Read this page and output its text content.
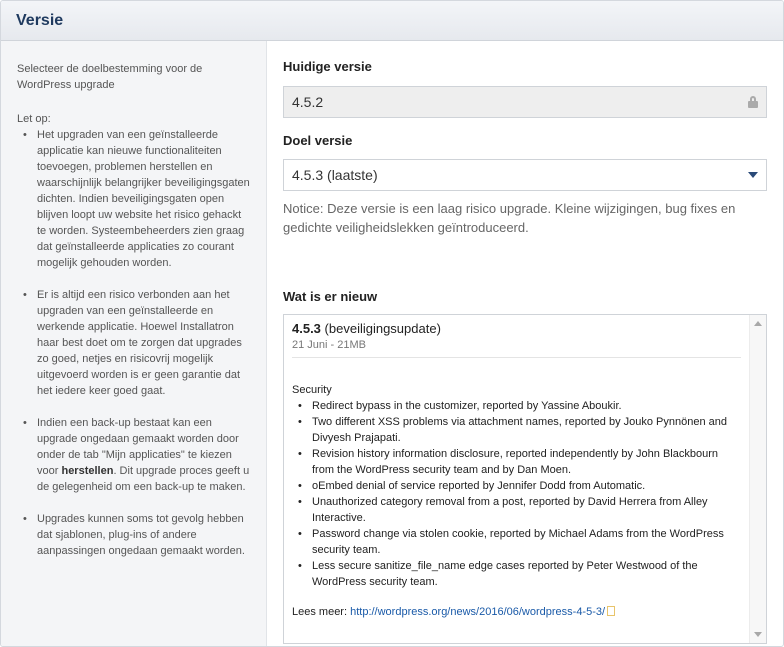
Versie

Selecteer de doelbestemming voor de WordPress upgrade

Let op:

• Het upgraden van een geïnstalleerde applicatie kan nieuwe functionaliteiten toevoegen, problemen herstellen en waarschijnlijk belangrijker beveiligingsgaten dichten. Indien beveiligingsgaten open blijven loopt uw website het risico gehackt te worden. Systeembeheerders zien graag dat geïnstalleerde applicaties zo courant mogelijk gehouden worden.
• Er is altijd een risico verbonden aan het upgraden van een geïnstalleerde en werkende applicatie. Hoewel Installatron haar best doet om te zorgen dat upgrades zo goed, netjes en risicovrij mogelijk uitgevoerd worden is er geen garantie dat het iedere keer goed gaat.
• Indien een back-up bestaat kan een upgrade ongedaan gemaakt worden door onder de tab "Mijn applicaties" te kiezen voor herstellen. Dit upgrade proces geeft u de gelegenheid om een back-up te maken.
• Upgrades kunnen soms tot gevolg hebben dat sjablonen, plug-ins of andere aanpassingen ongedaan gemaakt worden.
Huidige versie
4.5.2
Doel versie
4.5.3 (laatste)
Notice: Deze versie is een laag risico upgrade. Kleine wijzigingen, bug fixes en gedichte veiligheidslekken geïntroduceerd.
Wat is er nieuw
4.5.3 (beveiligingsupdate)
21 Juni - 21MB
Security
• Redirect bypass in the customizer, reported by Yassine Aboukir.
• Two different XSS problems via attachment names, reported by Jouko Pynnönen and Divyesh Prajapati.
• Revision history information disclosure, reported independently by John Blackbourn from the WordPress security team and by Dan Moen.
• oEmbed denial of service reported by Jennifer Dodd from Automatic.
• Unauthorized category removal from a post, reported by David Herrera from Alley Interactive.
• Password change via stolen cookie, reported by Michael Adams from the WordPress security team.
• Less secure sanitize_file_name edge cases reported by Peter Westwood of the WordPress security team.
Lees meer: http://wordpress.org/news/2016/06/wordpress-4-5-3/
